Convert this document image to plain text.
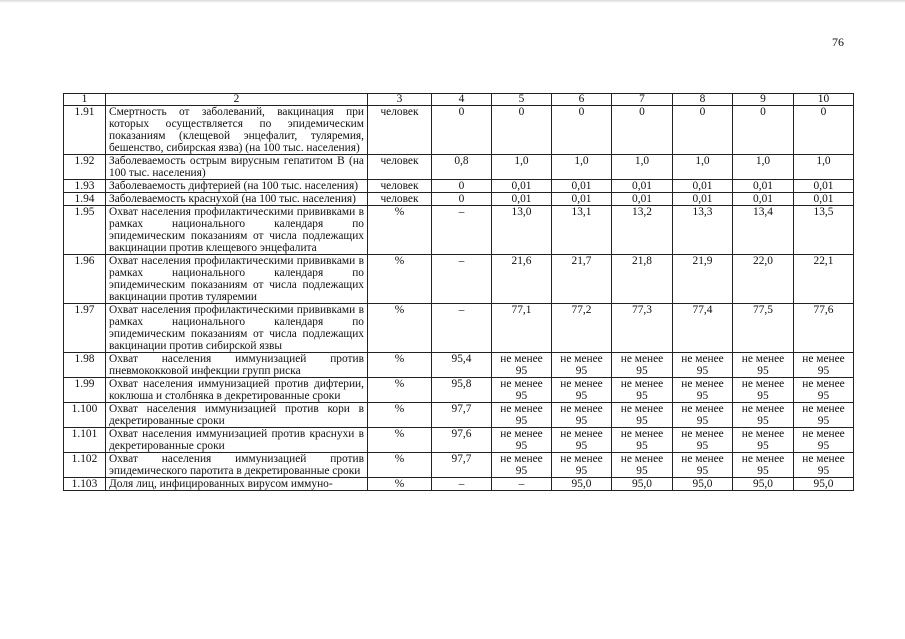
76
1	2	3	4	5	6	7	8	9	10
1.91	Смертность от заболеваний, вакцинация при которых осуществляется по эпидемическим показаниям (клещевой энцефалит, туляремия, бешенство, сибирская язва) (на 100 тыс. населения)	человек	0	0	0	0	0	0	0
1.92	Заболеваемость острым вирусным гепатитом В (на 100 тыс. населения)	человек	0,8	1,0	1,0	1,0	1,0	1,0	1,0
1.93	Заболеваемость дифтерией (на 100 тыс. населения)	человек	0	0,01	0,01	0,01	0,01	0,01	0,01
1.94	Заболеваемость краснухой (на 100 тыс. населения)	человек	0	0,01	0,01	0,01	0,01	0,01	0,01
1.95	Охват населения профилактическими прививками в рамках национального календаря по эпидемическим показаниям от числа подлежащих вакцинации против клещевого энцефалита	%	–	13,0	13,1	13,2	13,3	13,4	13,5
1.96	Охват населения профилактическими прививками в рамках национального календаря по эпидемическим показаниям от числа подлежащих вакцинации против туляремии	%	–	21,6	21,7	21,8	21,9	22,0	22,1
1.97	Охват населения профилактическими прививками в рамках национального календаря по эпидемическим показаниям от числа подлежащих вакцинации против сибирской язвы	%	–	77,1	77,2	77,3	77,4	77,5	77,6
1.98	Охват населения иммунизацией против пневмококковой инфекции групп риска	%	95,4	не менее 95	не менее 95	не менее 95	не менее 95	не менее 95	не менее 95
1.99	Охват населения иммунизацией против дифтерии, коклюша и столбняка в декретированные сроки	%	95,8	не менее 95	не менее 95	не менее 95	не менее 95	не менее 95	не менее 95
1.100	Охват населения иммунизацией против кори в декретированные сроки	%	97,7	не менее 95	не менее 95	не менее 95	не менее 95	не менее 95	не менее 95
1.101	Охват населения иммунизацией против краснухи в декретированные сроки	%	97,6	не менее 95	не менее 95	не менее 95	не менее 95	не менее 95	не менее 95
1.102	Охват населения иммунизацией против эпидемического паротита в декретированные сроки	%	97,7	не менее 95	не менее 95	не менее 95	не менее 95	не менее 95	не менее 95
1.103	Доля лиц, инфицированных вирусом иммуно-	%	–	–	95,0	95,0	95,0	95,0	95,0
